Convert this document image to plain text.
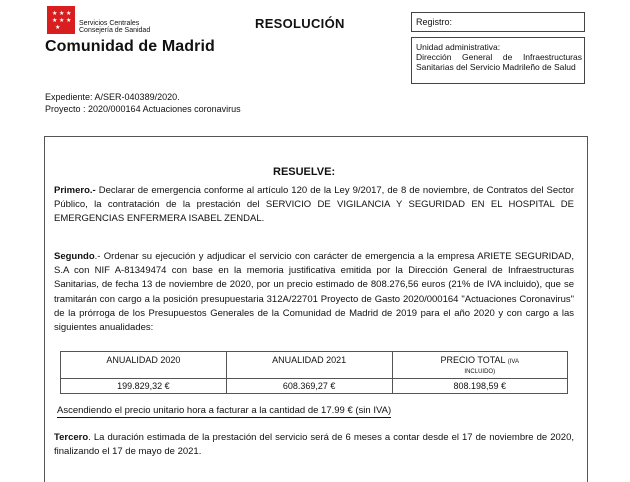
★ ★ ★
★ ★ ★
★
Servicios Centrales
Consejería de Sanidad
Comunidad de Madrid
RESOLUCIÓN	Registro:
Unidad administrativa:
Dirección General de Infraestructuras Sanitarias del Servicio Madrileño de Salud
Expediente: A/SER-040389/2020.
Proyecto : 2020/000164 Actuaciones coronavirus
RESUELVE:
Primero.- Declarar de emergencia conforme al artículo 120 de la Ley 9/2017, de 8 de noviembre, de Contratos del Sector Público, la contratación de la prestación del SERVICIO DE VIGILANCIA Y SEGURIDAD EN EL HOSPITAL DE EMERGENCIAS ENFERMERA ISABEL ZENDAL.
Segundo.- Ordenar su ejecución y adjudicar el servicio con carácter de emergencia a la empresa ARIETE SEGURIDAD, S.A con NIF A-81349474 con base en la memoria justificativa emitida por la Dirección General de Infraestructuras Sanitarias, de fecha 13 de noviembre de 2020, por un precio estimado de 808.276,56 euros (21% de IVA incluido), que se tramitarán con cargo a la posición presupuestaria 312A/22701 Proyecto de Gasto 2020/000164 "Actuaciones Coronavirus" de la prórroga de los Presupuestos Generales de la Comunidad de Madrid de 2019 para el año 2020 y con cargo a las siguientes anualidades:
ANUALIDAD 2020	ANUALIDAD 2021	PRECIO TOTAL (IVA
INCLUIDO)
199.829,32 €	608.369,27 €	808.198,59 €
Ascendiendo el precio unitario hora a facturar a la cantidad de 17.99 € (sin IVA)
Tercero. La duración estimada de la prestación del servicio será de 6 meses a contar desde el 17 de noviembre de 2020, finalizando el 17 de mayo de 2021.
